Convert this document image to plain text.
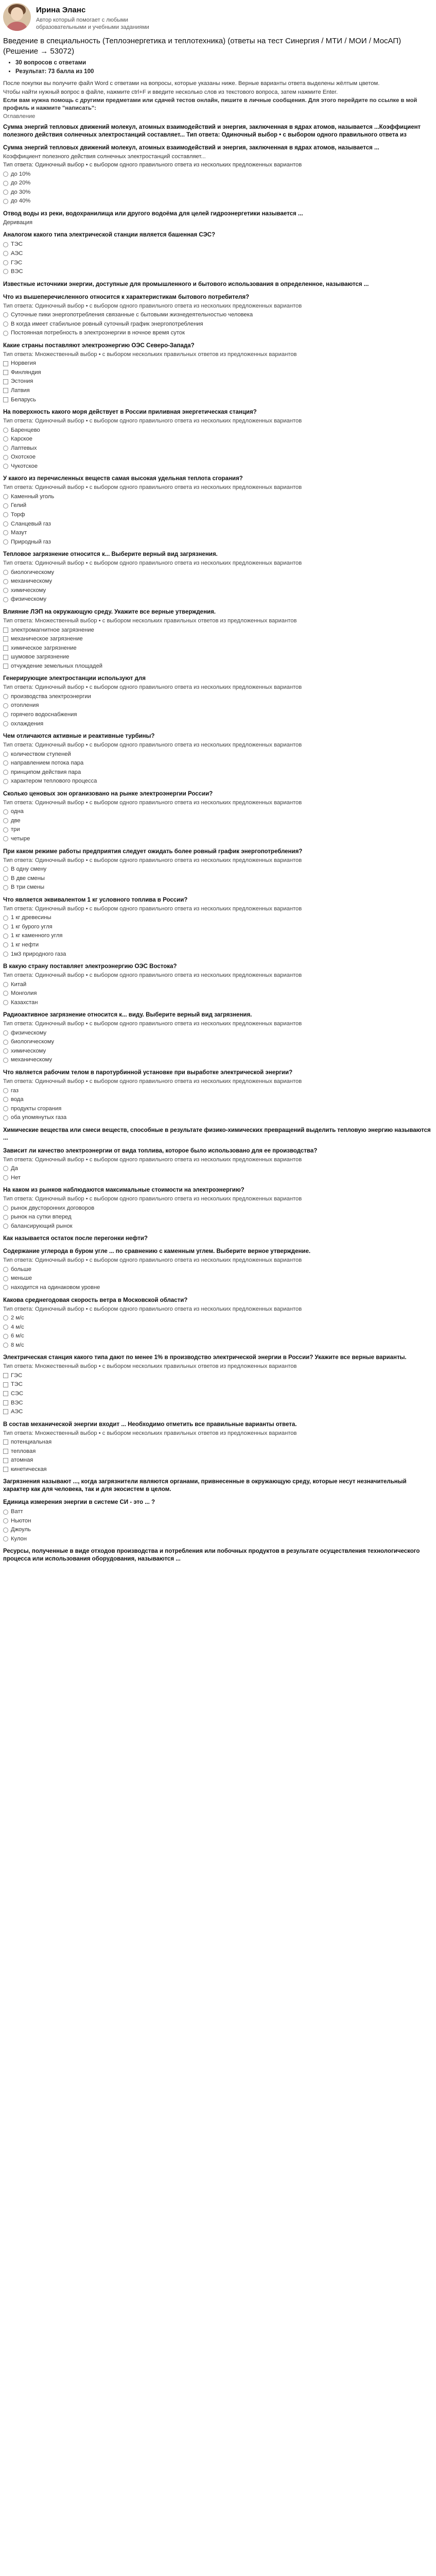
Ирина Эланс
Автор который помогает с любыми образовательными и учебными заданиями
Введение в специальность (Теплоэнергетика и теплотехника) (ответы на тест Синергия / МТИ / МОИ / МосАП) (Решение → 53072)
• 30 вопросов с ответами
• Результат: 73 балла из 100

После покупки вы получите файл Word с ответами на вопросы, которые указаны ниже. Верные варианты ответа выделены жёлтым цветом.

Чтобы найти нужный вопрос в файле, нажмите ctrl+F и введите несколько слов из текстового вопроса, затем нажмите Enter.

Если вам нужна помощь с другими предметами или сдачей тестов онлайн, пишите в личные сообщения. Для этого перейдите по ссылке в мой профиль и нажмите "написать":

Оглавление

Сумма энергий тепловых движений молекул, атомных взаимодействий и энергия, заключенная в ядрах атомов, называется ...Коэффициент полезного действия солнечных электростанций составляет... Тип ответа: Одиночный выбор • с выбором одного правильного ответа из
Сумма энергий тепловых движений молекул, атомных взаимодействий и энергия, заключенная в ядрах атомов, называется ...
Коэффициент полезного действия солнечных электростанций составляет...
Тип ответа: Одиночный выбор • с выбором одного правильного ответа из нескольких предложенных вариантов
до 10%
до 20%
до 30%
до 40%
Отвод воды из реки, водохранилища или другого водоёма для целей гидроэнергетики называется ...
Деривация
Аналогом какого типа электрической станции является башенная СЭС?
ТЭС
АЭС
ГЭС
ВЭС
Известные источники энергии, доступные для промышленного и бытового использования в определенное, называются ...
Что из вышеперечисленного относится к характеристикам бытового потребителя?
Тип ответа: Одиночный выбор • с выбором одного правильного ответа из нескольких предложенных вариантов
Суточные пики энергопотребления связанные с бытовыми жизнедеятельностью человека
В когда имеет стабильное ровный суточный график энергопотребления
Постоянная потребность в электроэнергии в ночное время суток
Какие страны поставляют электроэнергию ОЭС Северо-Запада?
Тип ответа: Множественный выбор • с выбором нескольких правильных ответов из предложенных вариантов
Норвегия
Финляндия
Эстония
Латвия
Беларусь
На поверхность какого моря действует в России приливная энергетическая станция?
Тип ответа: Одиночный выбор • с выбором одного правильного ответа из нескольких предложенных вариантов
Баренцево
Карское
Лаптевых
Охотское
Чукотское
У какого из перечисленных веществ самая высокая удельная теплота сгорания?
Тип ответа: Одиночный выбор • с выбором одного правильного ответа из нескольких предложенных вариантов
Каменный уголь
Гелий
Торф
Сланцевый газ
Мазут
Природный газ
Тепловое загрязнение относится к... Выберите верный вид загрязнения.
Тип ответа: Одиночный выбор • с выбором одного правильного ответа из нескольких предложенных вариантов
биологическому
механическому
химическому
физическому
Влияние ЛЭП на окружающую среду. Укажите все верные утверждения.
Тип ответа: Множественный выбор • с выбором нескольких правильных ответов из предложенных вариантов
электромагнитное загрязнение
механическое загрязнение
химическое загрязнение
шумовое загрязнение
отчуждение земельных площадей
Генерирующие электростанции используют для
Тип ответа: Одиночный выбор • с выбором одного правильного ответа из нескольких предложенных вариантов
производства электроэнергии
отопления
горячего водоснабжения
охлаждения
Чем отличаются активные и реактивные турбины?
Тип ответа: Одиночный выбор • с выбором одного правильного ответа из нескольких предложенных вариантов
количеством ступеней
направлением потока пара
принципом действия пара
характером теплового процесса
Сколько ценовых зон организовано на рынке электроэнергии России?
Тип ответа: Одиночный выбор • с выбором одного правильного ответа из нескольких предложенных вариантов
одна
две
три
четыре
При каком режиме работы предприятия следует ожидать более ровный график энергопотребления?
Тип ответа: Одиночный выбор • с выбором одного правильного ответа из нескольких предложенных вариантов
В одну смену
В две смены
В три смены
Что является эквивалентом 1 кг условного топлива в России?
Тип ответа: Одиночный выбор • с выбором одного правильного ответа из нескольких предложенных вариантов
1 кг древесины
1 кг бурого угля
1 кг каменного угля
1 кг нефти
1м3 природного газа
В какую страну поставляет электроэнергию ОЭС Востока?
Тип ответа: Одиночный выбор • с выбором одного правильного ответа из нескольких предложенных вариантов
Китай
Монголия
Казахстан
Радиоактивное загрязнение относится к... виду. Выберите верный вид загрязнения.
Тип ответа: Одиночный выбор • с выбором одного правильного ответа из нескольких предложенных вариантов
физическому
биологическому
химическому
механическому
Что является рабочим телом в паротурбинной установке при выработке электрической энергии?
Тип ответа: Одиночный выбор • с выбором одного правильного ответа из нескольких предложенных вариантов
газ
вода
продукты сгорания
оба упомянутых газа
Химические вещества или смеси веществ, способные в результате физико-химических превращений выделить тепловую энергию называются ...
Зависит ли качество электроэнергии от вида топлива, которое было использовано для ее производства?
Тип ответа: Одиночный выбор • с выбором одного правильного ответа из нескольких предложенных вариантов
Да
Нет
На каком из рынков наблюдаются максимальные стоимости на электроэнергию?
Тип ответа: Одиночный выбор • с выбором одного правильного ответа из нескольких предложенных вариантов
рынок двусторонних договоров
рынок на сутки вперед
балансирующий рынок
Как называется остаток после перегонки нефти?
Содержание углерода в буром угле ... по сравнению с каменным углем. Выберите верное утверждение.
Тип ответа: Одиночный выбор • с выбором одного правильного ответа из нескольких предложенных вариантов
больше
меньше
находится на одинаковом уровне
Какова среднегодовая скорость ветра в Московской области?
Тип ответа: Одиночный выбор • с выбором одного правильного ответа из нескольких предложенных вариантов
2 м/с
4 м/с
6 м/с
8 м/с
Электрическая станция какого типа дают по менее 1% в производство электрической энергии в России? Укажите все верные варианты.
Тип ответа: Множественный выбор • с выбором нескольких правильных ответов из предложенных вариантов
ГЭС
ТЭС
СЭС
ВЭС
АЭС
В состав механической энергии входит ... Необходимо отметить все правильные варианты ответа.
Тип ответа: Множественный выбор • с выбором нескольких правильных ответов из предложенных вариантов
потенциальная
тепловая
атомная
кинетическая
Загрязнения называют ..., когда загрязнители являются органами, привнесенные в окружающую среду, которые несут незначительный характер как для человека, так и для экосистем в целом.
Единица измерения энергии в системе СИ - это ... ?
Ватт
Ньютон
Джоуль
Кулон
Ресурсы, полученные в виде отходов производства и потребления или побочных продуктов в результате осуществления технологического процесса или использования оборудования, называются ...
